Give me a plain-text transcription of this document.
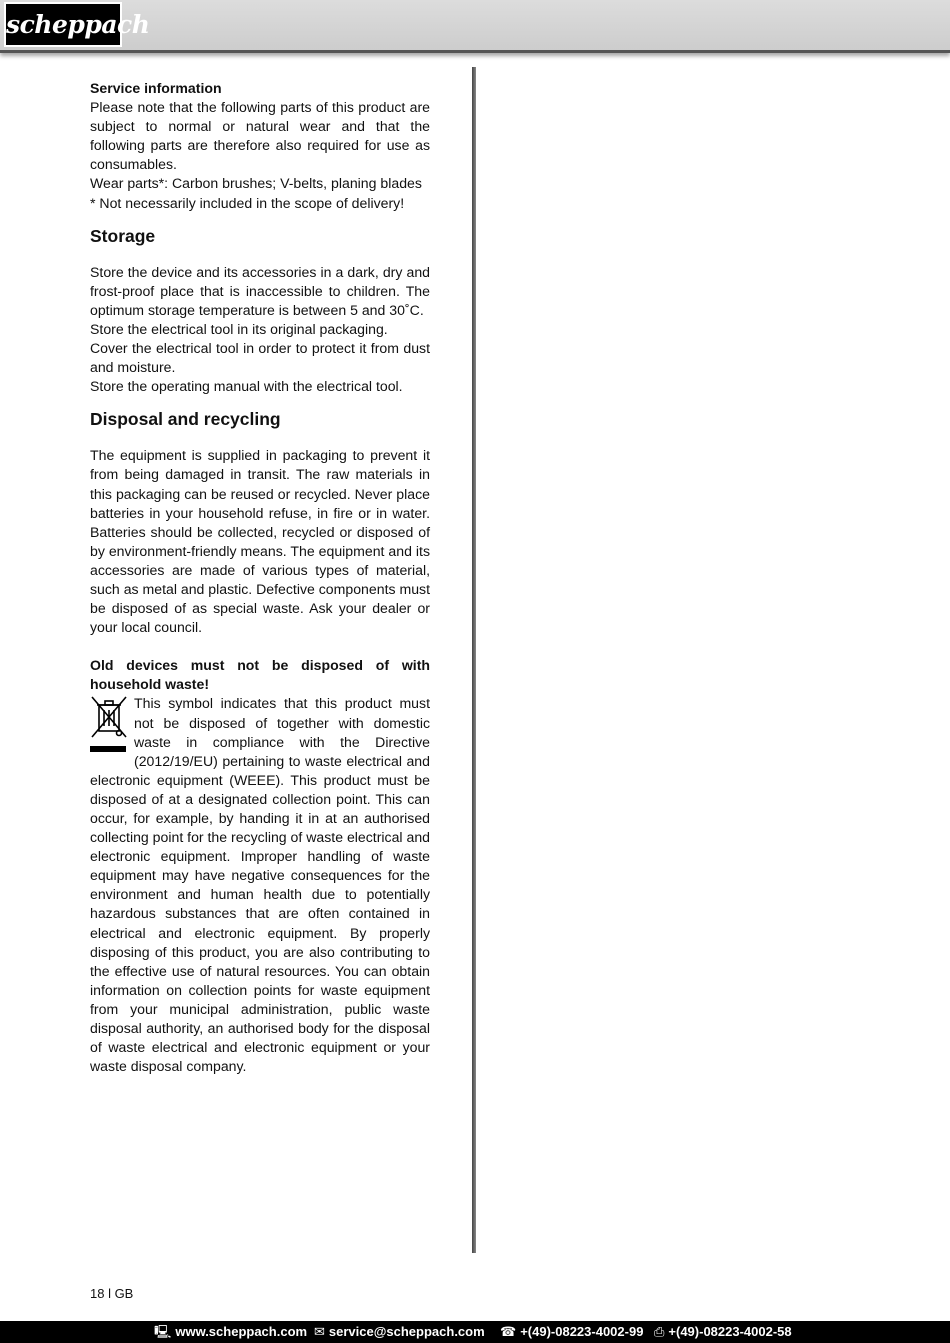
scheppach

Service information

Please note that the following parts of this product are subject to normal or natural wear and that the following parts are therefore also required for use as consumables.

Wear parts*: Carbon brushes; V-belts, planing blades

* Not necessarily included in the scope of delivery!

Storage

Store the device and its accessories in a dark, dry and frost-proof place that is inaccessible to children. The optimum storage temperature is between 5 and 30˚C.

Store the electrical tool in its original packaging.

Cover the electrical tool in order to protect it from dust and moisture.

Store the operating manual with the electrical tool.

Disposal and recycling

The equipment is supplied in packaging to prevent it from being damaged in transit. The raw materials in this packaging can be reused or recycled. Never place batteries in your household refuse, in fire or in water. Batteries should be collected, recycled or disposed of by environment-friendly means. The equipment and its accessories are made of various types of material, such as metal and plastic. Defective components must be disposed of as special waste. Ask your dealer or your local council.

Old devices must not be disposed of with household waste!

This symbol indicates that this product must not be disposed of together with domestic waste in compliance with the Directive (2012/19/EU) pertaining to waste electrical and electronic equipment (WEEE). This product must be disposed of at a designated collection point. This can occur, for example, by handing it in at an authorised collecting point for the recycling of waste electrical and electronic equipment. Improper handling of waste equipment may have negative consequences for the environment and human health due to potentially hazardous substances that are often contained in electrical and electronic equipment. By properly disposing of this product, you are also contributing to the effective use of natural resources. You can obtain information on collection points for waste equipment from your municipal administration, public waste disposal authority, an authorised body for the disposal of waste electrical and electronic equipment or your waste disposal company.

18 l GB
🖳 www.scheppach.com ✉ service@scheppach.com ☎ +(49)-08223-4002-99 ⎙ +(49)-08223-4002-58
